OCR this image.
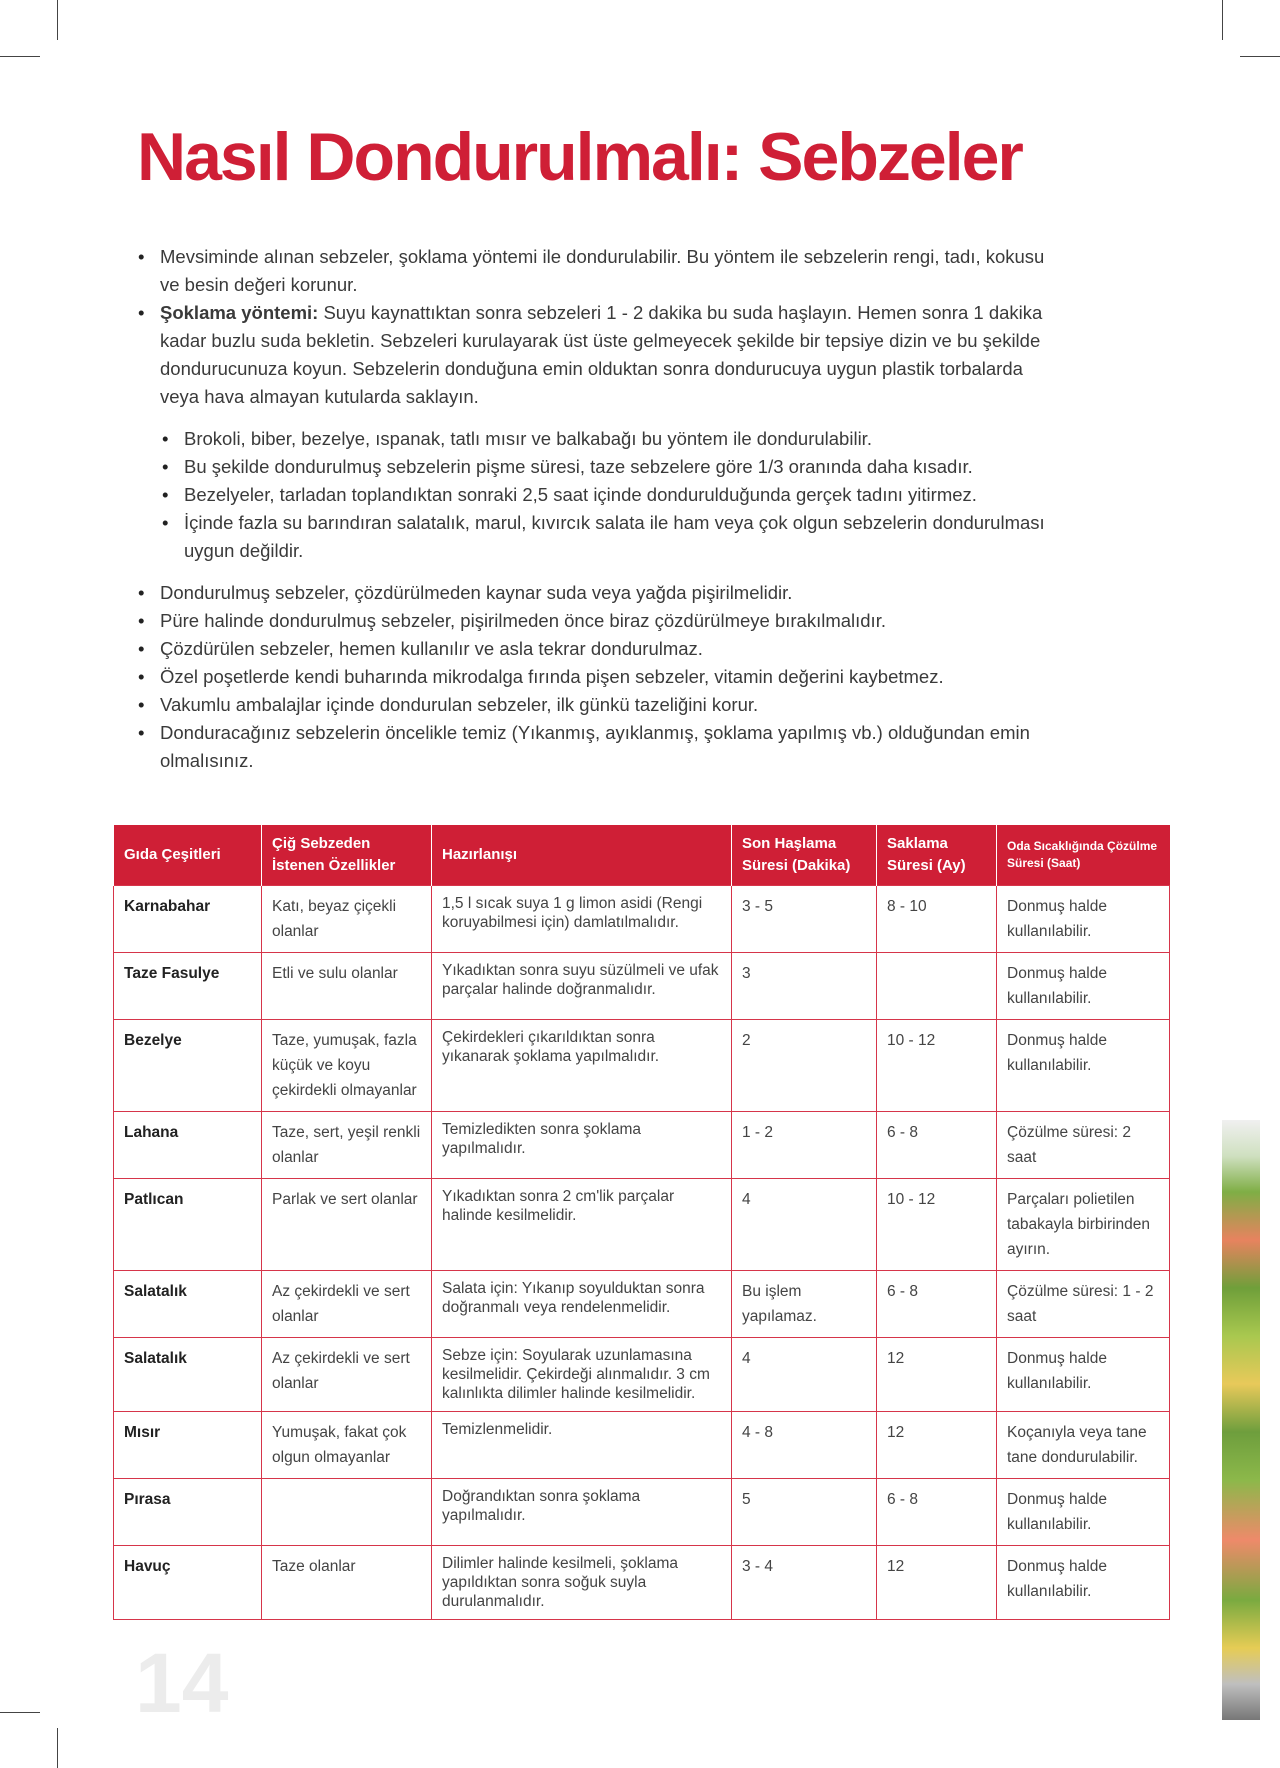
Nasıl Dondurulmalı: Sebzeler
• Mevsiminde alınan sebzeler, şoklama yöntemi ile dondurulabilir. Bu yöntem ile sebzelerin rengi, tadı, kokusu ve besin değeri korunur.
• Şoklama yöntemi: Suyu kaynattıktan sonra sebzeleri 1 - 2 dakika bu suda haşlayın. Hemen sonra 1 dakika kadar buzlu suda bekletin. Sebzeleri kurulayarak üst üste gelmeyecek şekilde bir tepsiye dizin ve bu şekilde dondurucunuza koyun. Sebzelerin donduğuna emin olduktan sonra dondurucuya uygun plastik torbalarda veya hava almayan kutularda saklayın.
• Brokoli, biber, bezelye, ıspanak, tatlı mısır ve balkabağı bu yöntem ile dondurulabilir.
• Bu şekilde dondurulmuş sebzelerin pişme süresi, taze sebzelere göre 1/3 oranında daha kısadır.
• Bezelyeler, tarladan toplandıktan sonraki 2,5 saat içinde dondurulduğunda gerçek tadını yitirmez.
• İçinde fazla su barındıran salatalık, marul, kıvırcık salata ile ham veya çok olgun sebzelerin dondurulması uygun değildir.
• Dondurulmuş sebzeler, çözdürülmeden kaynar suda veya yağda pişirilmelidir.
• Püre halinde dondurulmuş sebzeler, pişirilmeden önce biraz çözdürülmeye bırakılmalıdır.
• Çözdürülen sebzeler, hemen kullanılır ve asla tekrar dondurulmaz.
• Özel poşetlerde kendi buharında mikrodalga fırında pişen sebzeler, vitamin değerini kaybetmez.
• Vakumlu ambalajlar içinde dondurulan sebzeler, ilk günkü tazeliğini korur.
• Donduracağınız sebzelerin öncelikle temiz (Yıkanmış, ayıklanmış, şoklama yapılmış vb.) olduğundan emin olmalısınız.
Gıda Çeşitleri	Çiğ Sebzeden İstenen Özellikler	Hazırlanışı	Son Haşlama Süresi (Dakika)	Saklama Süresi (Ay)	Oda Sıcaklığında Çözülme Süresi (Saat)
Karnabahar	Katı, beyaz çiçekli olanlar	1,5 l sıcak suya 1 g limon asidi (Rengi koruyabilmesi için) damlatılmalıdır.	3 - 5	8 - 10	Donmuş halde kullanılabilir.
Taze Fasulye	Etli ve sulu olanlar	Yıkadıktan sonra suyu süzülmeli ve ufak parçalar halinde doğranmalıdır.	3		Donmuş halde kullanılabilir.
Bezelye	Taze, yumuşak, fazla küçük ve koyu çekirdekli olmayanlar	Çekirdekleri çıkarıldıktan sonra yıkanarak şoklama yapılmalıdır.	2	10 - 12	Donmuş halde kullanılabilir.
Lahana	Taze, sert, yeşil renkli olanlar	Temizledikten sonra şoklama yapılmalıdır.	1 - 2	6 - 8	Çözülme süresi: 2 saat
Patlıcan	Parlak ve sert olanlar	Yıkadıktan sonra 2 cm'lik parçalar halinde kesilmelidir.	4	10 - 12	Parçaları polietilen tabakayla birbirinden ayırın.
Salatalık	Az çekirdekli ve sert olanlar	Salata için: Yıkanıp soyulduktan sonra doğranmalı veya rendelenmelidir.	Bu işlem yapılamaz.	6 - 8	Çözülme süresi: 1 - 2 saat
Salatalık	Az çekirdekli ve sert olanlar	Sebze için: Soyularak uzunlamasına kesilmelidir. Çekirdeği alınmalıdır. 3 cm kalınlıkta dilimler halinde kesilmelidir.	4	12	Donmuş halde kullanılabilir.
Mısır	Yumuşak, fakat çok olgun olmayanlar	Temizlenmelidir.	4 - 8	12	Koçanıyla veya tane tane dondurulabilir.
Pırasa		Doğrandıktan sonra şoklama yapılmalıdır.	5	6 - 8	Donmuş halde kullanılabilir.
Havuç	Taze olanlar	Dilimler halinde kesilmeli, şoklama yapıldıktan sonra soğuk suyla durulanmalıdır.	3 - 4	12	Donmuş halde kullanılabilir.
14
